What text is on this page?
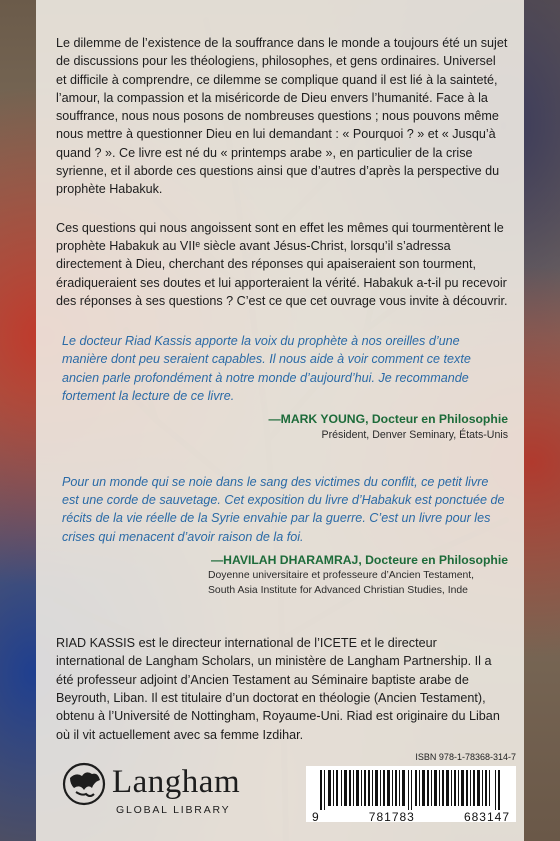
Le dilemme de l’existence de la souffrance dans le monde a toujours été un sujet de discussions pour les théologiens, philosophes, et gens ordinaires. Universel et difficile à comprendre, ce dilemme se complique quand il est lié à la sainteté, l’amour, la compassion et la miséricorde de Dieu envers l’humanité. Face à la souffrance, nous nous posons de nombreuses questions ; nous pouvons même nous mettre à questionner Dieu en lui demandant : « Pourquoi ? » et « Jusqu’à quand ? ». Ce livre est né du « printemps arabe », en particulier de la crise syrienne, et il aborde ces questions ainsi que d’autres d’après la perspective du prophète Habakuk.

Ces questions qui nous angoissent sont en effet les mêmes qui tourmentèrent le prophète Habakuk au VIIᵉ siècle avant Jésus-Christ, lorsqu’il s’adressa directement à Dieu, cherchant des réponses qui apaiseraient son tourment, éradiqueraient ses doutes et lui apporteraient la vérité. Habakuk a-t-il pu recevoir des réponses à ses questions ? C’est ce que cet ouvrage vous invite à découvrir.

Le docteur Riad Kassis apporte la voix du prophète à nos oreilles d’une manière dont peu seraient capables. Il nous aide à voir comment ce texte ancien parle profondément à notre monde d’aujourd’hui. Je recommande fortement la lecture de ce livre.

—MARK YOUNG, Docteur en Philosophie
Président, Denver Seminary, États-Unis

Pour un monde qui se noie dans le sang des victimes du conflit, ce petit livre est une corde de sauvetage. Cet exposition du livre d’Habakuk est ponctuée de récits de la vie réelle de la Syrie envahie par la guerre. C’est un livre pour les crises qui menacent d’avoir raison de la foi.

—HAVILAH DHARAMRAJ, Docteure en Philosophie
Doyenne universitaire et professeure d’Ancien Testament,
South Asia Institute for Advanced Christian Studies, Inde

RIAD KASSIS est le directeur international de l’ICETE et le directeur international de Langham Scholars, un ministère de Langham Partnership. Il a été professeur adjoint d’Ancien Testament au Séminaire baptiste arabe de Beyrouth, Liban. Il est titulaire d’un doctorat en théologie (Ancien Testament), obtenu à l’Université de Nottingham, Royaume-Uni. Riad est originaire du Liban où il vit actuellement avec sa femme Izdihar.

Langham
GLOBAL LIBRARY
ISBN 978-1-78368-314-7
9	781783	683147
